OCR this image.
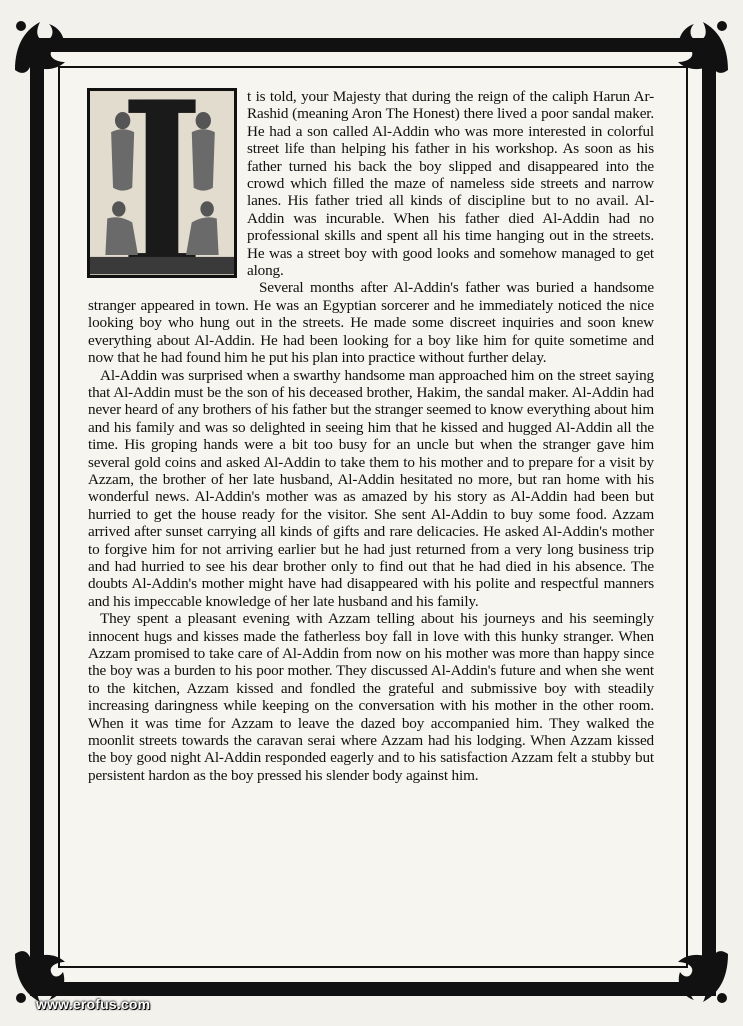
t is told, your Majesty that during the reign of the caliph Harun Ar-Rashid (meaning Aron The Honest) there lived a poor sandal maker. He had a son called Al-Addin who was more interested in colorful street life than helping his father in his workshop. As soon as his father turned his back the boy slipped and disappeared into the crowd which filled the maze of nameless side streets and narrow lanes. His father tried all kinds of discipline but to no avail. Al-Addin was incurable. When his father died Al-Addin had no professional skills and spent all his time hanging out in the streets. He was a street boy with good looks and somehow managed to get along.

Several months after Al-Addin's father was buried a handsome stranger appeared in town. He was an Egyptian sorcerer and he immediately noticed the nice looking boy who hung out in the streets. He made some discreet inquiries and soon knew everything about Al-Addin. He had been looking for a boy like him for quite sometime and now that he had found him he put his plan into practice without further delay.

Al-Addin was surprised when a swarthy handsome man approached him on the street saying that Al-Addin must be the son of his deceased brother, Hakim, the sandal maker. Al-Addin had never heard of any brothers of his father but the stranger seemed to know everything about him and his family and was so delighted in seeing him that he kissed and hugged Al-Addin all the time. His groping hands were a bit too busy for an uncle but when the stranger gave him several gold coins and asked Al-Addin to take them to his mother and to prepare for a visit by Azzam, the brother of her late husband, Al-Addin hesitated no more, but ran home with his wonderful news. Al-Addin's mother was as amazed by his story as Al-Addin had been but hurried to get the house ready for the visitor. She sent Al-Addin to buy some food. Azzam arrived after sunset carrying all kinds of gifts and rare delicacies. He asked Al-Addin's mother to forgive him for not arriving earlier but he had just returned from a very long business trip and had hurried to see his dear brother only to find out that he had died in his absence. The doubts Al-Addin's mother might have had disappeared with his polite and respectful manners and his impeccable knowledge of her late husband and his family.

They spent a pleasant evening with Azzam telling about his journeys and his seemingly innocent hugs and kisses made the fatherless boy fall in love with this hunky stranger. When Azzam promised to take care of Al-Addin from now on his mother was more than happy since the boy was a burden to his poor mother. They discussed Al-Addin's future and when she went to the kitchen, Azzam kissed and fondled the grateful and submissive boy with steadily increasing daringness while keeping on the conversation with his mother in the other room. When it was time for Azzam to leave the dazed boy accompanied him. They walked the moonlit streets towards the caravan serai where Azzam had his lodging. When Azzam kissed the boy good night Al-Addin responded eagerly and to his satisfaction Azzam felt a stubby but persistent hardon as the boy pressed his slender body against him.

www.erofus.com
